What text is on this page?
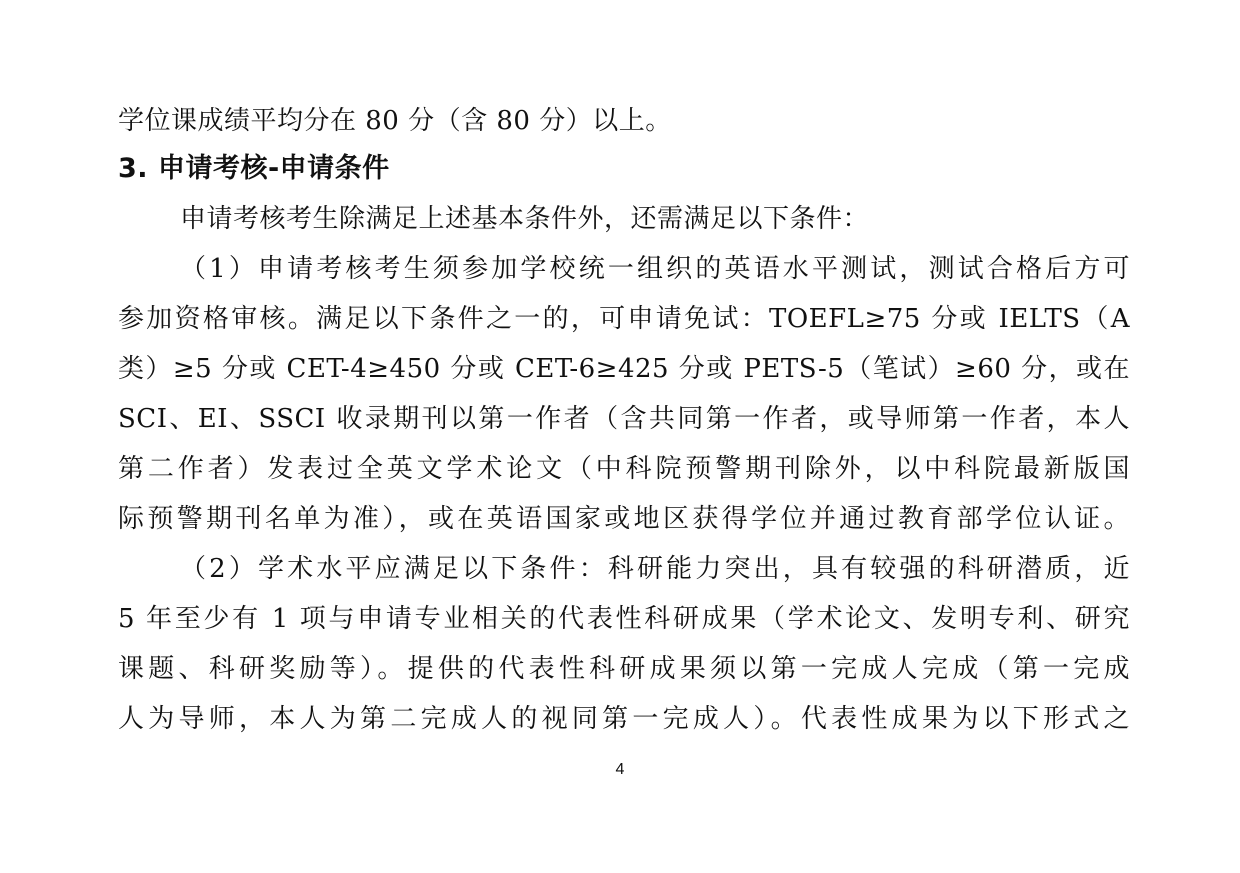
学位课成绩平均分在 80 分（含 80 分）以上。
3. 申请考核-申请条件
申请考核考生除满足上述基本条件外，还需满足以下条件：
（1）申请考核考生须参加学校统一组织的英语水平测试，测试合格后方可
参加资格审核。满足以下条件之一的，可申请免试：TOEFL≥75 分或 IELTS（A
类）≥5 分或 CET-4≥450 分或 CET-6≥425 分或 PETS-5（笔试）≥60 分，或在
SCI、EI、SSCI 收录期刊以第一作者（含共同第一作者，或导师第一作者，本人
第二作者）发表过全英文学术论文（中科院预警期刊除外，以中科院最新版国
际预警期刊名单为准），或在英语国家或地区获得学位并通过教育部学位认证。
（2）学术水平应满足以下条件：科研能力突出，具有较强的科研潜质，近
5 年至少有 1 项与申请专业相关的代表性科研成果（学术论文、发明专利、研究
课题、科研奖励等）。提供的代表性科研成果须以第一完成人完成（第一完成
人为导师，本人为第二完成人的视同第一完成人）。代表性成果为以下形式之
4
